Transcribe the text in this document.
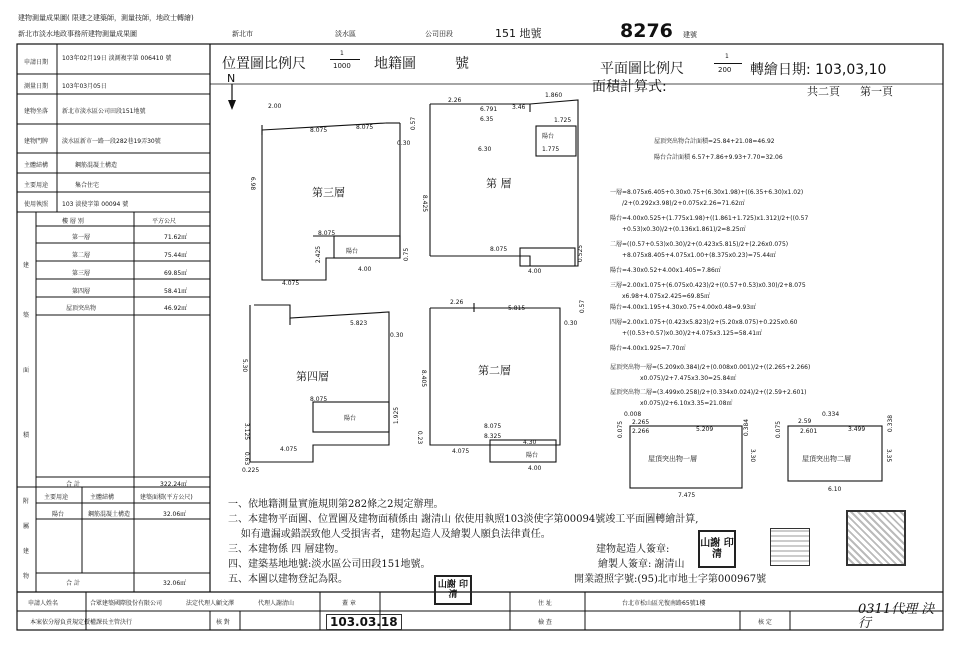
建物測量成果圖( 限建之建築師，測量技師，地政士轉繪)
新北市淡水地政事務所建物測量成果圖	新北市	淡水區	公司田段	151 地號	8276 建號
申請日期
103年02月19日 淡測複字第 006410 號
測量日期 103年03月05日
建物坐落 新北市淡水區公司田段151地號
建物門牌 淡水區新市一路一段282巷19弄30號
主體結構	鋼筋混凝土構造
主要用途	集合住宅
使用執照 103 淡使字第 00094 號
樓 層 別	平方公尺
第一層	71.62㎡
第二層	75.44㎡
第三層	69.85㎡
第四層	58.41㎡
屋頂突出物	46.92㎡
建
築
面
積
合 計	322.24㎡
主要用途	主體結構	建築面積(平方公尺)
陽台	鋼筋混凝土構造	32.06㎡
附
屬
建
物
合 計	32.06㎡
位置圖比例尺
1
1000 地籍圖	號
N
平面圖比例尺
1
200 轉繪日期: 103,03,10
面積計算式:	共二頁 第一頁
第三層
陽台
第 層
陽台
第四層
陽台
第二層
陽台
2.00
8.075	8.075	0.57
0.30
6.98
8.075
2.425	0.75
4.00
4.075
2.26
6.791 3.46
1.860
6.35	1.725
6.30	1.775
8.425
8.075	0.525
4.00
5.823
0.30
5.30
8.075
1.925
3.125
4.075
0.63
0.225
2.26
5.815	0.57
0.30
8.405
8.075
8.325
4.30
4.00
4.075
0.23	0.075
0.008
2.265
2.266	5.209	0.384	0.075	2.59
0.334
2.601	3.499	0.338
屋頂突出物一層	屋頂突出物二層
7.475
6.10
3.30	3.35
屋頂突出物合計面積=25.84+21.08=46.92
陽台合計面積 6.57+7.86+9.93+7.70=32.06
一層=8.075x6.405+0.30x0.75+(6.30x1.98)+((6.35+6.30)x1.02)
/2+(0.292x3.98)/2+0.075x2.26=71.62㎡
陽台=4.00x0.525+(1.775x1.98)+((1.861+1.725)x1.312)/2+((0.57
+0.53)x0.30)/2+(0.136x1.861)/2=8.25㎡
二層=((0.57+0.53)x0.30)/2+(0.423x5.815)/2+(2.26x0.075)
+8.075x8.405+4.075x1.00+(8.375x0.23)=75.44㎡
陽台=4.30x0.52+4.00x1.405=7.86㎡
三層=2.00x1.075+(6.075x0.423)/2+((0.57+0.53)x0.30)/2+8.075
x6.98+4.075x2.425=69.85㎡
陽台=4.00x1.195+4.30x0.75+4.00x0.48=9.93㎡
四層=2.00x1.075+(0.423x5.823)/2+(5.20x8.075)+0.225x0.60
+((0.53+0.57)x0.30)/2+4.075x3.125=58.41㎡
陽台=4.00x1.925=7.70㎡
屋頂突出物一層=(5.209x0.384)/2+(0.008x0.001)/2+((2.265+2.266)
x0.075)/2+7.475x3.30=25.84㎡
屋頂突出物二層=(3.499x0.258)/2+(0.334x0.024)/2+((2.59+2.601)
x0.075)/2+6.10x3.35=21.08㎡
一、依地籍測量實施規則第282條之2規定辦理。
二、本建物平面圖、位置圖及建物面積係由 謝清山 依使用執照103淡使字第00094號竣工平面圖轉繪計算,
如有遺漏或錯誤致他人受損害者，建物起造人及繪製人願負法律責任。
三、本建物係 四 層建物。
四、建築基地地號:淡水區公司田段151地號。
五、本圖以建物登記為限。
建物起造人簽章:
繪製人簽章: 謝清山
開業證照字號:(95)北市地士字第000967號
山謝 印清
山謝 印清
申請人姓名	合眾建築國際股份有限公司	法定代理人顧文澤	代理人謝清山	蓋 章	住 址	台北市松山區光復南路65號1樓
本案依分層負責規定授權課長主管決行	核 對	檢 查	核 定
103.03.18
0311代理 決行
